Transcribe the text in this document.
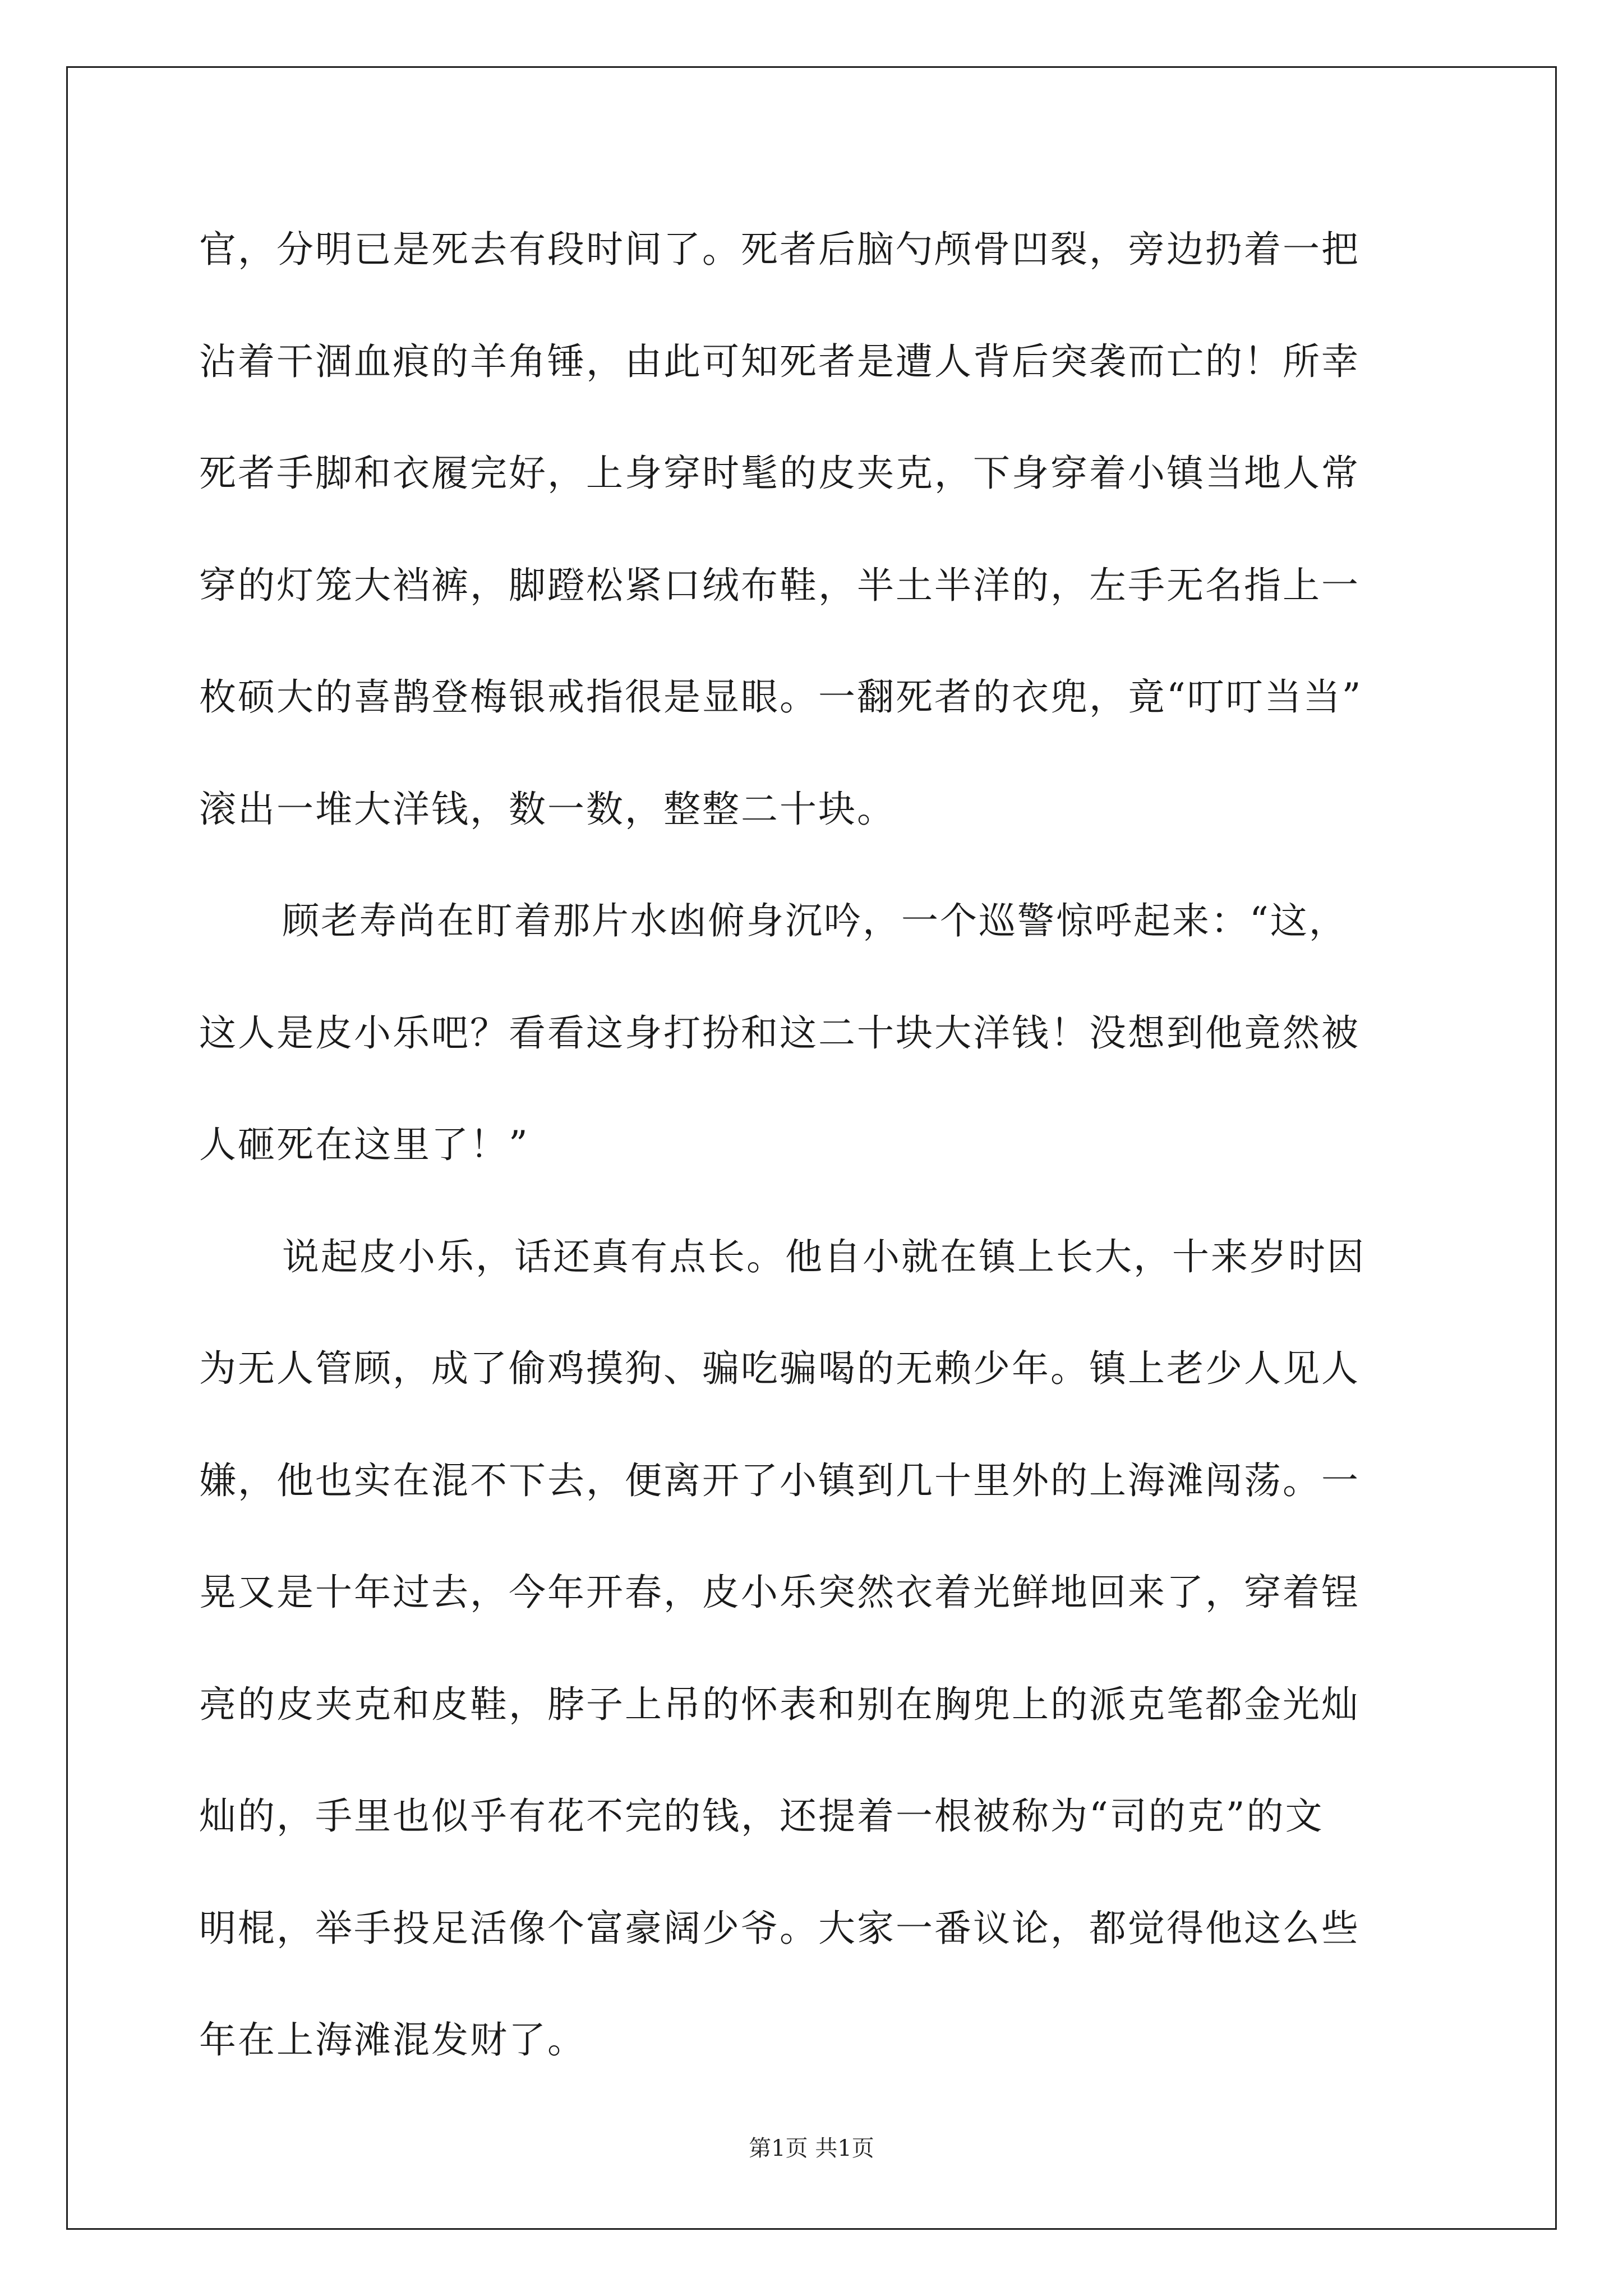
官，分明已是死去有段时间了。死者后脑勺颅骨凹裂，旁边扔着一把
沾着干涸血痕的羊角锤，由此可知死者是遭人背后突袭而亡的！所幸
死者手脚和衣履完好，上身穿时髦的皮夹克，下身穿着小镇当地人常
穿的灯笼大裆裤，脚蹬松紧口绒布鞋，半土半洋的，左手无名指上一
枚硕大的喜鹊登梅银戒指很是显眼。一翻死者的衣兜，竟“叮叮当当”
滚出一堆大洋钱，数一数，整整二十块。
顾老寿尚在盯着那片水凼俯身沉吟，一个巡警惊呼起来：“这，
这人是皮小乐吧？看看这身打扮和这二十块大洋钱！没想到他竟然被
人砸死在这里了！”
说起皮小乐，话还真有点长。他自小就在镇上长大，十来岁时因
为无人管顾，成了偷鸡摸狗、骗吃骗喝的无赖少年。镇上老少人见人
嫌，他也实在混不下去，便离开了小镇到几十里外的上海滩闯荡。一
晃又是十年过去，今年开春，皮小乐突然衣着光鲜地回来了，穿着锃
亮的皮夹克和皮鞋，脖子上吊的怀表和别在胸兜上的派克笔都金光灿
灿的，手里也似乎有花不完的钱，还提着一根被称为“司的克”的文
明棍，举手投足活像个富豪阔少爷。大家一番议论，都觉得他这么些
年在上海滩混发财了。
第1页 共1页
